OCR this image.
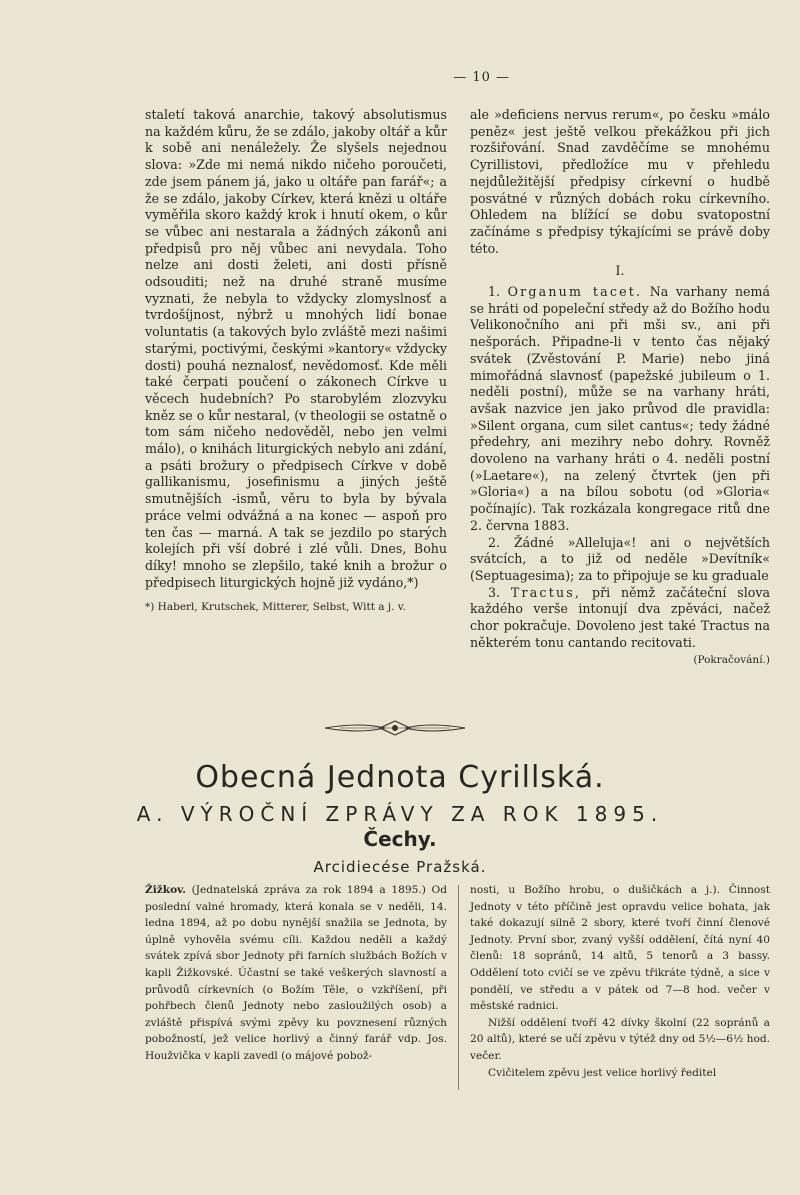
— 10 —

staletí taková anarchie, takový absolutismus na každém kůru, že se zdálo, jakoby oltář a kůr k sobě ani nenáležely. Že slyšels nejednou slova: »Zde mi nemá nikdo ničeho poroučeti, zde jsem pánem já, jako u oltáře pan farář«; a že se zdálo, jakoby Církev, která knězi u oltáře vyměřila skoro každý krok i hnutí okem, o kůr se vůbec ani nestarala a žádných zákonů ani předpisů pro něj vůbec ani nevydala. Toho nelze ani dosti želeti, ani dosti přísně odsouditi; než na druhé straně musíme vyznati, že nebyla to vždycky zlomyslnosť a tvrdošíjnost, nýbrž u mnohých lidí bonae voluntatis (a takových bylo zvláště mezi našimi starými, poctivými, českými »kantory« vždycky dosti) pouhá neznalosť, nevědomosť. Kde měli také čerpati poučení o zákonech Církve u věcech hudebních? Po starobylém zlozvyku kněz se o kůr nestaral, (v theologii se ostatně o tom sám ničeho nedověděl, nebo jen velmi málo), o knihách liturgických nebylo ani zdání, a psáti brožury o předpisech Církve v době gallikanismu, josefinismu a jiných ještě smutnějších -ismů, věru to byla by bývala práce velmi odvážná a na konec — aspoň pro ten čas — marná. A tak se jezdilo po starých kolejích při vší dobré i zlé vůli. Dnes, Bohu díky! mnoho se zlepšilo, také knih a brožur o předpisech liturgických hojně již vydáno,*)

*) Haberl, Krutschek, Mitterer, Selbst, Witt a j. v.

ale »deficiens nervus rerum«, po česku »málo peněz« jest ještě velkou překážkou při jich rozšiřování. Snad zavděčíme se mnohému Cyrillistovi, předložíce mu v přehledu nejdůležitější předpisy církevní o hudbě posvátné v různých dobách roku církevního. Ohledem na blížící se dobu svatopostní začínáme s předpisy týkajícími se právě doby této.

I.

1. Organum tacet. Na varhany nemá se hráti od popeleční středy až do Božího hodu Velikonočního ani při mši sv., ani při nešporách. Připadne-li v tento čas nějaký svátek (Zvěstování P. Marie) nebo jiná mimořádná slavnosť (papežské jubileum o 1. neděli postní), může se na varhany hráti, avšak nazvice jen jako průvod dle pravidla: »Silent organa, cum silet cantus«; tedy žádné předehry, ani mezihry nebo dohry. Rovněž dovoleno na varhany hráti o 4. neděli postní (»Laetare«), na zelený čtvrtek (jen při »Gloria«) a na bílou sobotu (od »Gloria« počínajíc). Tak rozkázala kongregace ritů dne 2. června 1883.

2. Žádné »Alleluja«! ani o největších svátcích, a to již od neděle »Devítník« (Septuagesima); za to připojuje se ku graduale

3. Tractus, při němž začáteční slova každého verše intonují dva zpěváci, načež chor pokračuje. Dovoleno jest také Tractus na některém tonu cantando recitovati.
(Pokračování.)

Obecná Jednota Cyrillská.
A. VÝROČNÍ ZPRÁVY ZA ROK 1895.
Čechy.
Arcidiecése Pražská.

Žižkov. (Jednatelská zpráva za rok 1894 a 1895.) Od poslední valné hromady, která konala se v neděli, 14. ledna 1894, až po dobu nynější snažila se Jednota, by úplně vyhověla svému cíli. Každou neděli a každý svátek zpívá sbor Jednoty při farních službách Božích v kapli Žižkovské. Účastní se také veškerých slavností a průvodů církevních (o Božím Těle, o vzkříšení, při pohřbech členů Jednoty nebo zasloužilých osob) a zvláště přispívá svými zpěvy ku povznesení různých pobožností, jež velice horlivý a činný farář vdp. Jos. Houžvička v kapli zavedl (o májové pobož-

nosti, u Božího hrobu, o dušičkách a j.). Činnost Jednoty v této příčině jest opravdu velice bohata, jak také dokazují silně 2 sbory, které tvoří činní členové Jednoty. První sbor, zvaný vyšší oddělení, čítá nyní 40 členů: 18 sopránů, 14 altů, 5 tenorů a 3 bassy. Oddělení toto cvičí se ve zpěvu třikráte týdně, a sice v pondělí, ve středu a v pátek od 7—8 hod. večer v městské radnici.

Nižší oddělení tvoří 42 dívky školní (22 sopránů a 20 altů), které se učí zpěvu v týtéž dny od 5½—6½ hod. večer.

Cvičitelem zpěvu jest velice horlivý ředitel
